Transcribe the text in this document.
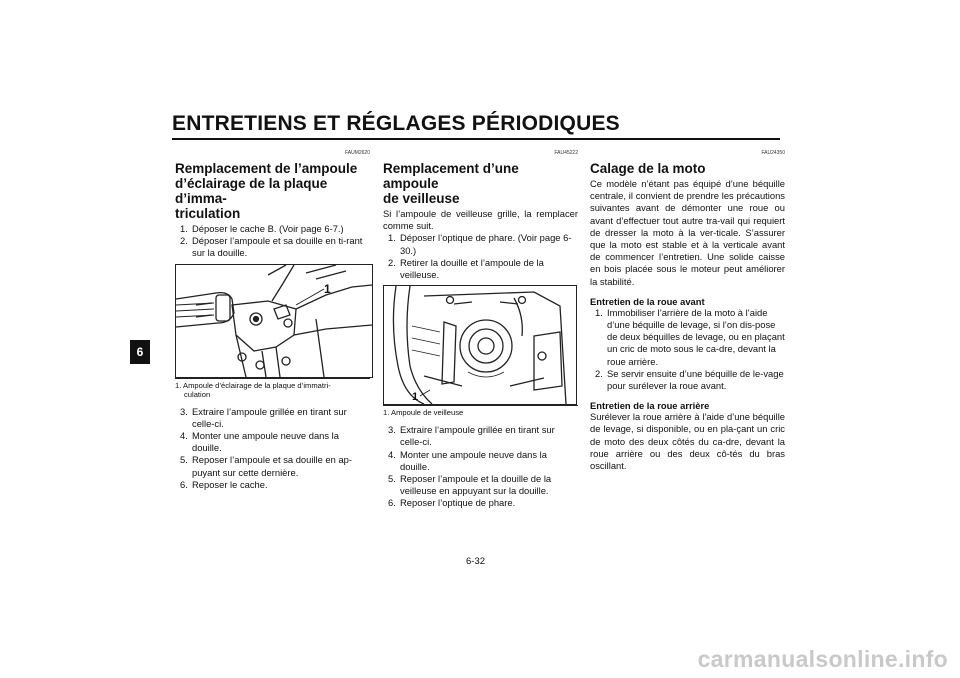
ENTRETIENS ET RÉGLAGES PÉRIODIQUES
6
FAUM2620
Remplacement de l’ampoule
d’éclairage de la plaque d’imma-
triculation
1. Déposer le cache B. (Voir page 6-7.)
2. Déposer l’ampoule et sa douille en ti-rant sur la douille.
1
1. Ampoule d’éclairage de la plaque d’immatri-
culation
3. Extraire l’ampoule grillée en tirant sur celle-ci.
4. Monter une ampoule neuve dans la douille.
5. Reposer l’ampoule et sa douille en ap-puyant sur cette dernière.
6. Reposer le cache.
FAU45222
Remplacement d’une ampoule
de veilleuse

Si l’ampoule de veilleuse grille, la remplacer comme suit.

1. Déposer l’optique de phare. (Voir page 6-30.)
2. Retirer la douille et l’ampoule de la veilleuse.
1
1. Ampoule de veilleuse
3. Extraire l’ampoule grillée en tirant sur celle-ci.
4. Monter une ampoule neuve dans la douille.
5. Reposer l’ampoule et la douille de la veilleuse en appuyant sur la douille.
6. Reposer l’optique de phare.
FAU24350
Calage de la moto

Ce modèle n’étant pas équipé d’une béquille centrale, il convient de prendre les précautions suivantes avant de démonter une roue ou avant d’effectuer tout autre tra-vail qui requiert de dresser la moto à la ver-ticale. S’assurer que la moto est stable et à la verticale avant de commencer l’entretien. Une solide caisse en bois placée sous le moteur peut améliorer la stabilité.

Entretien de la roue avant
1. Immobiliser l’arrière de la moto à l’aide d’une béquille de levage, si l’on dis-pose de deux béquilles de levage, ou en plaçant un cric de moto sous le ca-dre, devant la roue arrière.
2. Se servir ensuite d’une béquille de le-vage pour surélever la roue avant.
Entretien de la roue arrière

Surélever la roue arrière à l’aide d’une béquille de levage, si disponible, ou en pla-çant un cric de moto des deux côtés du ca-dre, devant la roue arrière ou des deux cô-tés du bras oscillant.

6-32
carmanualsonline.info
